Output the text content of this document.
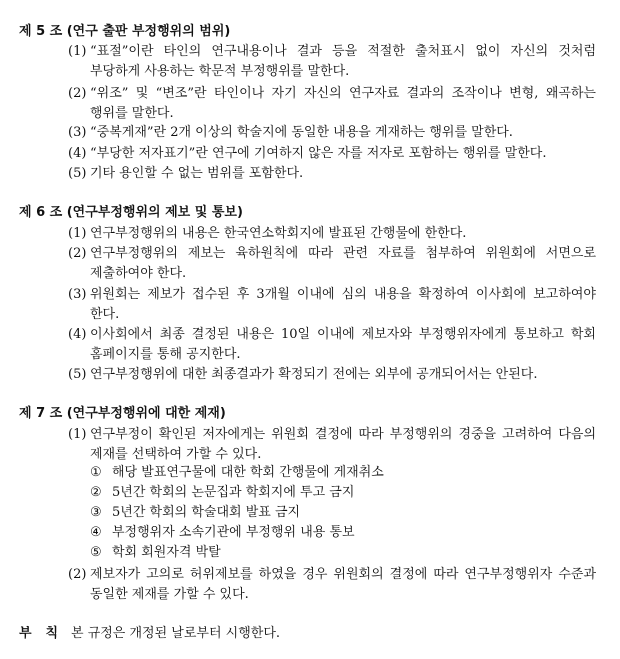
제 5 조 (연구 출판 부정행위의 범위)
(1) “표절”이란 타인의 연구내용이나 결과 등을 적절한 출처표시 없이 자신의 것처럼 부당하게 사용하는 학문적 부정행위를 말한다.
(2) “위조” 및 “변조”란 타인이나 자기 자신의 연구자료 결과의 조작이나 변형, 왜곡하는 행위를 말한다.
(3) “중복게재”란 2개 이상의 학술지에 동일한 내용을 게재하는 행위를 말한다.
(4) “부당한 저자표기”란 연구에 기여하지 않은 자를 저자로 포함하는 행위를 말한다.
(5) 기타 용인할 수 없는 범위를 포함한다.
제 6 조 (연구부정행위의 제보 및 통보)
(1) 연구부정행위의 내용은 한국연소학회지에 발표된 간행물에 한한다.
(2) 연구부정행위의 제보는 육하원칙에 따라 관련 자료를 첨부하여 위원회에 서면으로 제출하여야 한다.
(3) 위원회는 제보가 접수된 후 3개월 이내에 심의 내용을 확정하여 이사회에 보고하여야 한다.
(4) 이사회에서 최종 결정된 내용은 10일 이내에 제보자와 부정행위자에게 통보하고 학회 홈페이지를 통해 공지한다.
(5) 연구부정행위에 대한 최종결과가 확정되기 전에는 외부에 공개되어서는 안된다.
제 7 조 (연구부정행위에 대한 제재)
(1) 연구부정이 확인된 저자에게는 위원회 결정에 따라 부정행위의 경중을 고려하여 다음의 제재를 선택하여 가할 수 있다.
① 해당 발표연구물에 대한 학회 간행물에 게재취소
② 5년간 학회의 논문집과 학회지에 투고 금지
③ 5년간 학회의 학술대회 발표 금지
④ 부정행위자 소속기관에 부정행위 내용 통보
⑤ 학회 회원자격 박탈
(2) 제보자가 고의로 허위제보를 하였을 경우 위원회의 결정에 따라 연구부정행위자 수준과 동일한 제재를 가할 수 있다.
부칙본 규정은 개정된 날로부터 시행한다.
